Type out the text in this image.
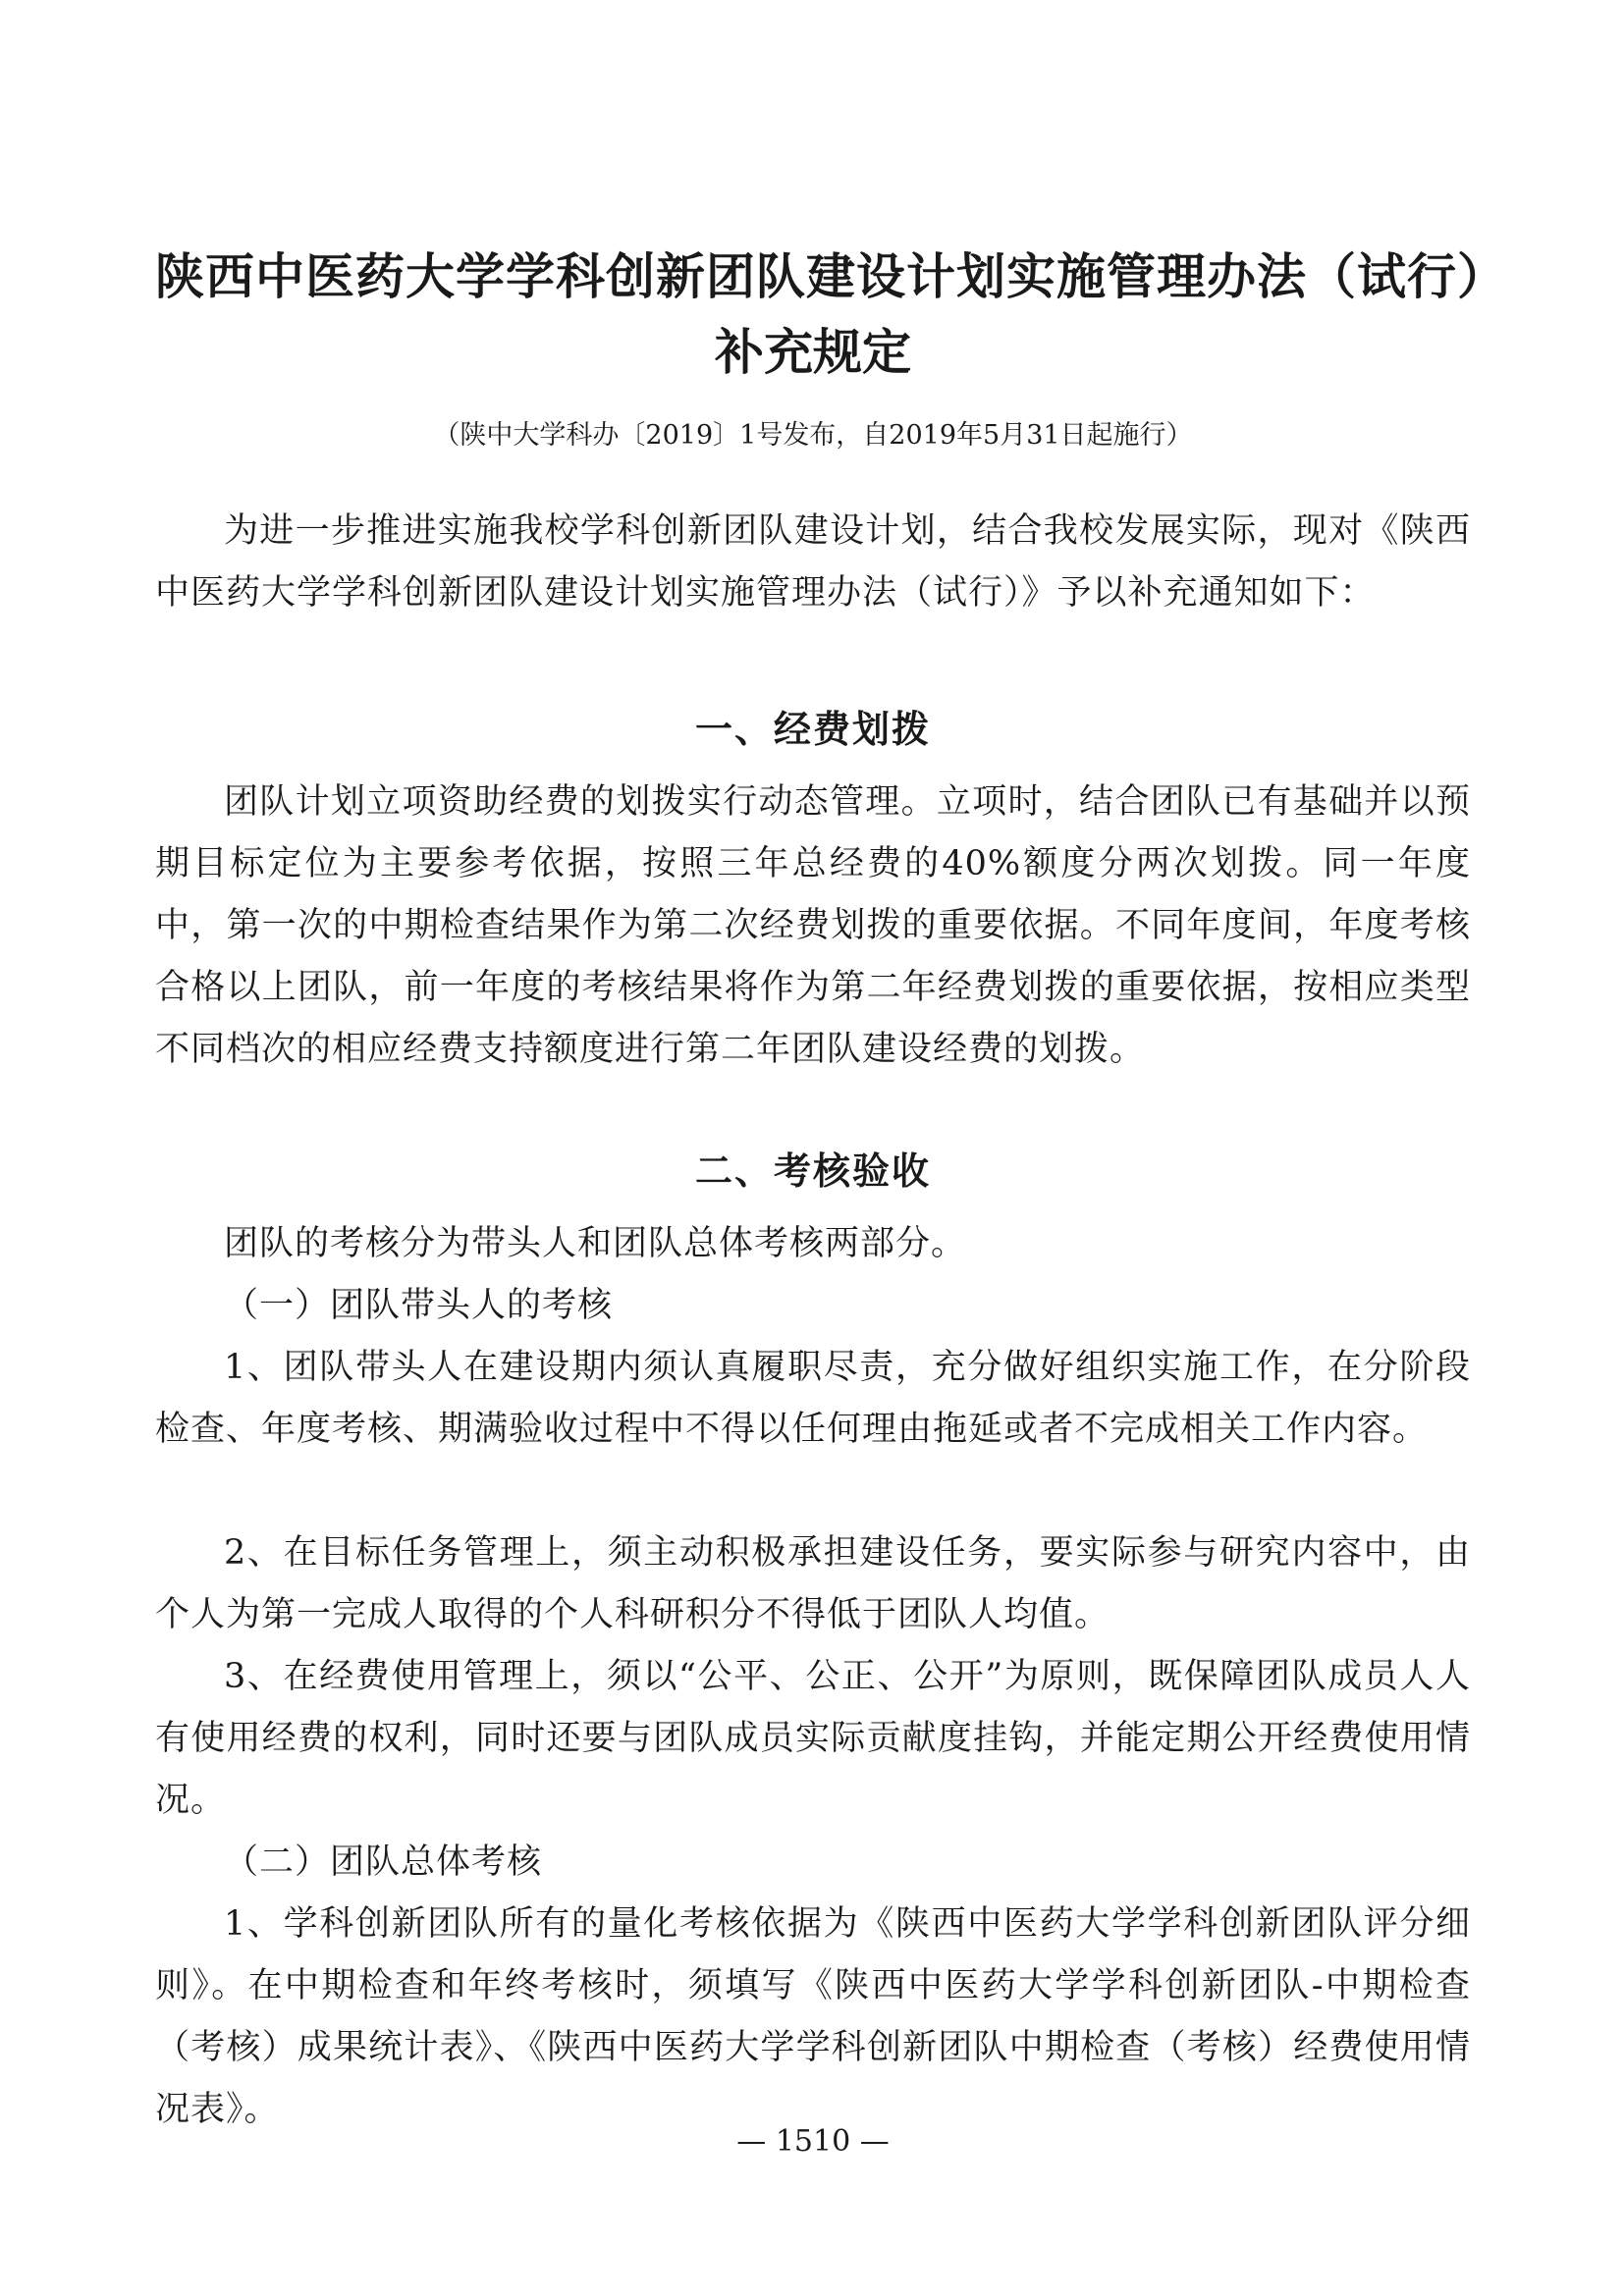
陕西中医药大学学科创新团队建设计划实施管理办法（试行）
补充规定
（陕中大学科办〔2019〕1号发布，自2019年5月31日起施行）

为进一步推进实施我校学科创新团队建设计划，结合我校发展实际，现对《陕西中医药大学学科创新团队建设计划实施管理办法（试行）》予以补充通知如下：

一、经费划拨

团队计划立项资助经费的划拨实行动态管理。立项时，结合团队已有基础并以预期目标定位为主要参考依据，按照三年总经费的40%额度分两次划拨。同一年度中，第一次的中期检查结果作为第二次经费划拨的重要依据。不同年度间，年度考核合格以上团队，前一年度的考核结果将作为第二年经费划拨的重要依据，按相应类型不同档次的相应经费支持额度进行第二年团队建设经费的划拨。

二、考核验收

团队的考核分为带头人和团队总体考核两部分。

（一）团队带头人的考核

1、团队带头人在建设期内须认真履职尽责，充分做好组织实施工作，在分阶段检查、年度考核、期满验收过程中不得以任何理由拖延或者不完成相关工作内容。

2、在目标任务管理上，须主动积极承担建设任务，要实际参与研究内容中，由个人为第一完成人取得的个人科研积分不得低于团队人均值。

3、在经费使用管理上，须以“公平、公正、公开”为原则，既保障团队成员人人有使用经费的权利，同时还要与团队成员实际贡献度挂钩，并能定期公开经费使用情况。

（二）团队总体考核

1、学科创新团队所有的量化考核依据为《陕西中医药大学学科创新团队评分细则》。在中期检查和年终考核时，须填写《陕西中医药大学学科创新团队-中期检查（考核）成果统计表》、《陕西中医药大学学科创新团队中期检查（考核）经费使用情况表》。

— 1510 —
